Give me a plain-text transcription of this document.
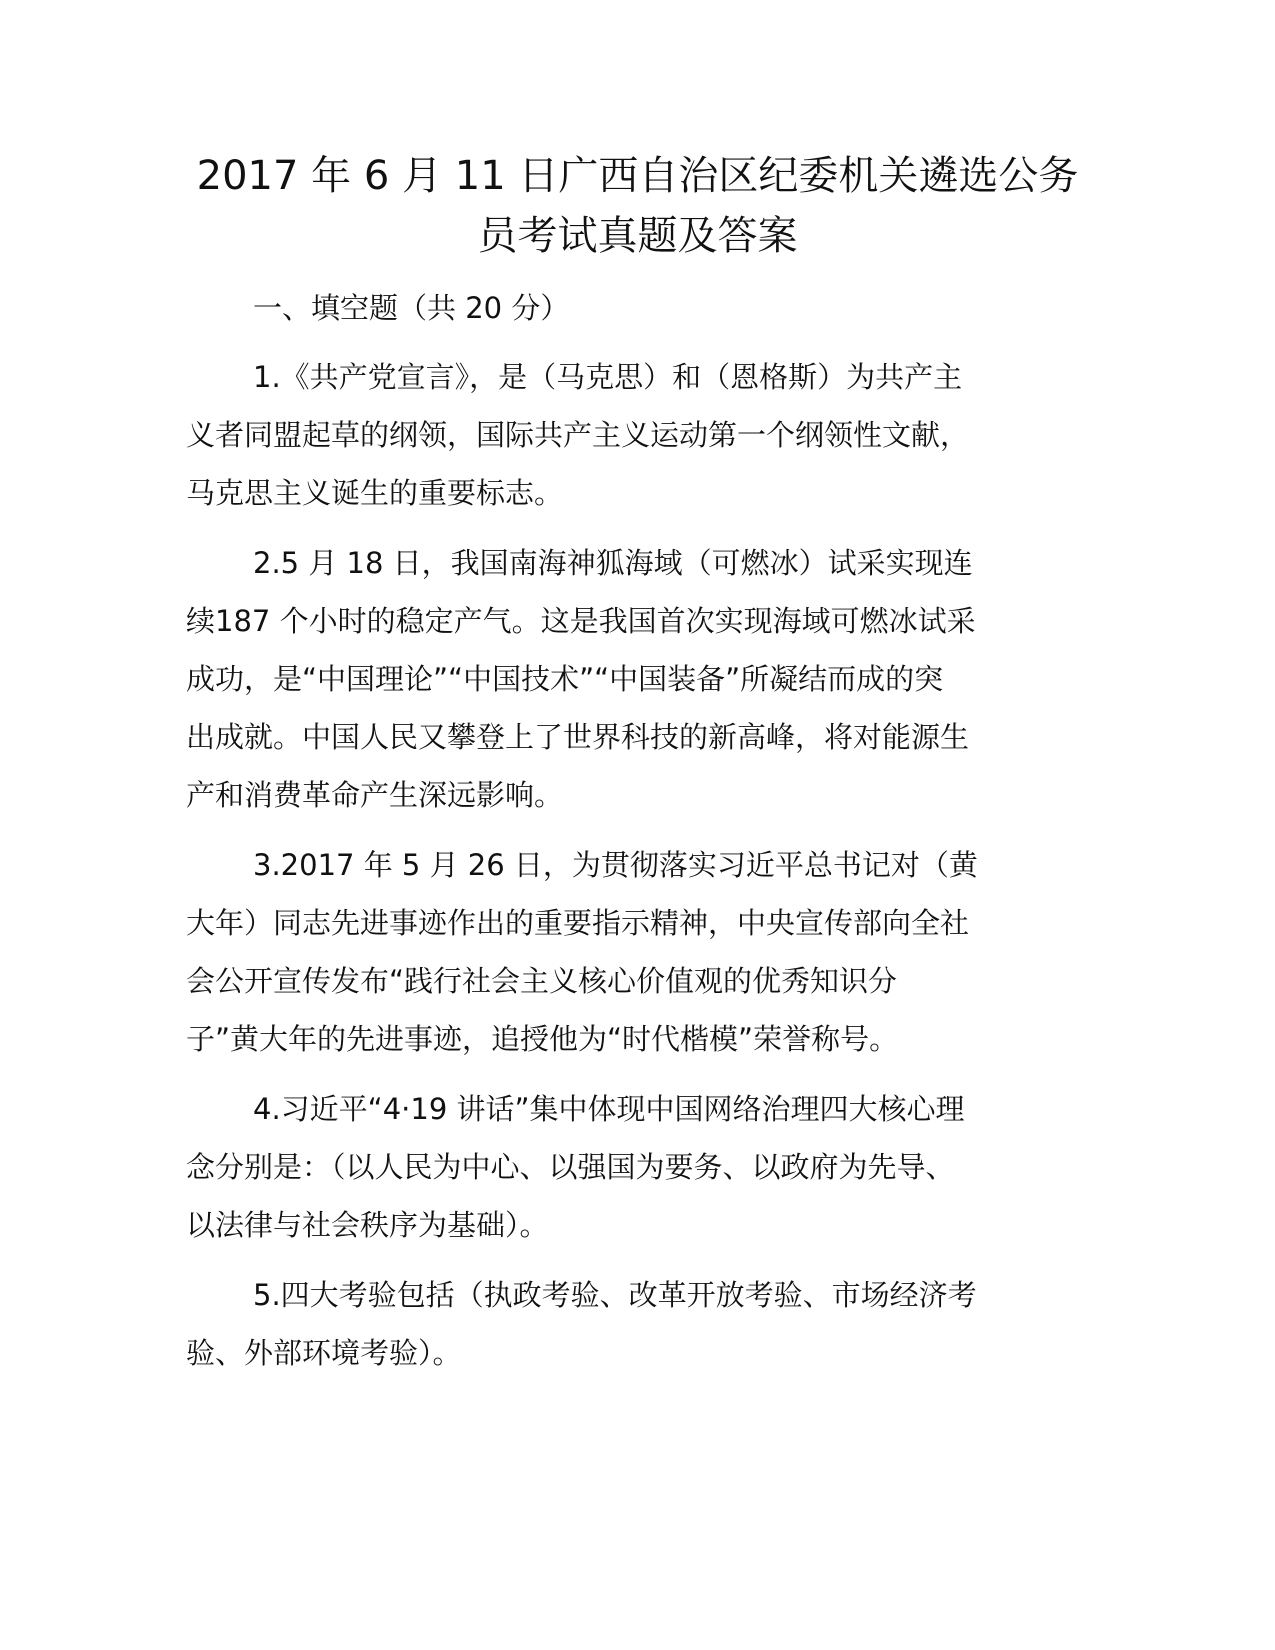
2017 年 6 月 11 日广西自治区纪委机关遴选公务
员考试真题及答案
一、填空题（共 20 分）
1.《共产党宣言》，是（马克思）和（恩格斯）为共产主
义者同盟起草的纲领，国际共产主义运动第一个纲领性文献，
马克思主义诞生的重要标志。
2.5 月 18 日，我国南海神狐海域（可燃冰）试采实现连
续187 个小时的稳定产气。这是我国首次实现海域可燃冰试采
成功，是“中国理论”“中国技术”“中国装备”所凝结而成的突
出成就。中国人民又攀登上了世界科技的新高峰，将对能源生
产和消费革命产生深远影响。
3.2017 年 5 月 26 日，为贯彻落实习近平总书记对（黄
大年）同志先进事迹作出的重要指示精神，中央宣传部向全社
会公开宣传发布“践行社会主义核心价值观的优秀知识分
子”黄大年的先进事迹，追授他为“时代楷模”荣誉称号。
4.习近平“4·19 讲话”集中体现中国网络治理四大核心理
念分别是：（以人民为中心、以强国为要务、以政府为先导、
以法律与社会秩序为基础）。
5.四大考验包括（执政考验、改革开放考验、市场经济考
验、外部环境考验）。
